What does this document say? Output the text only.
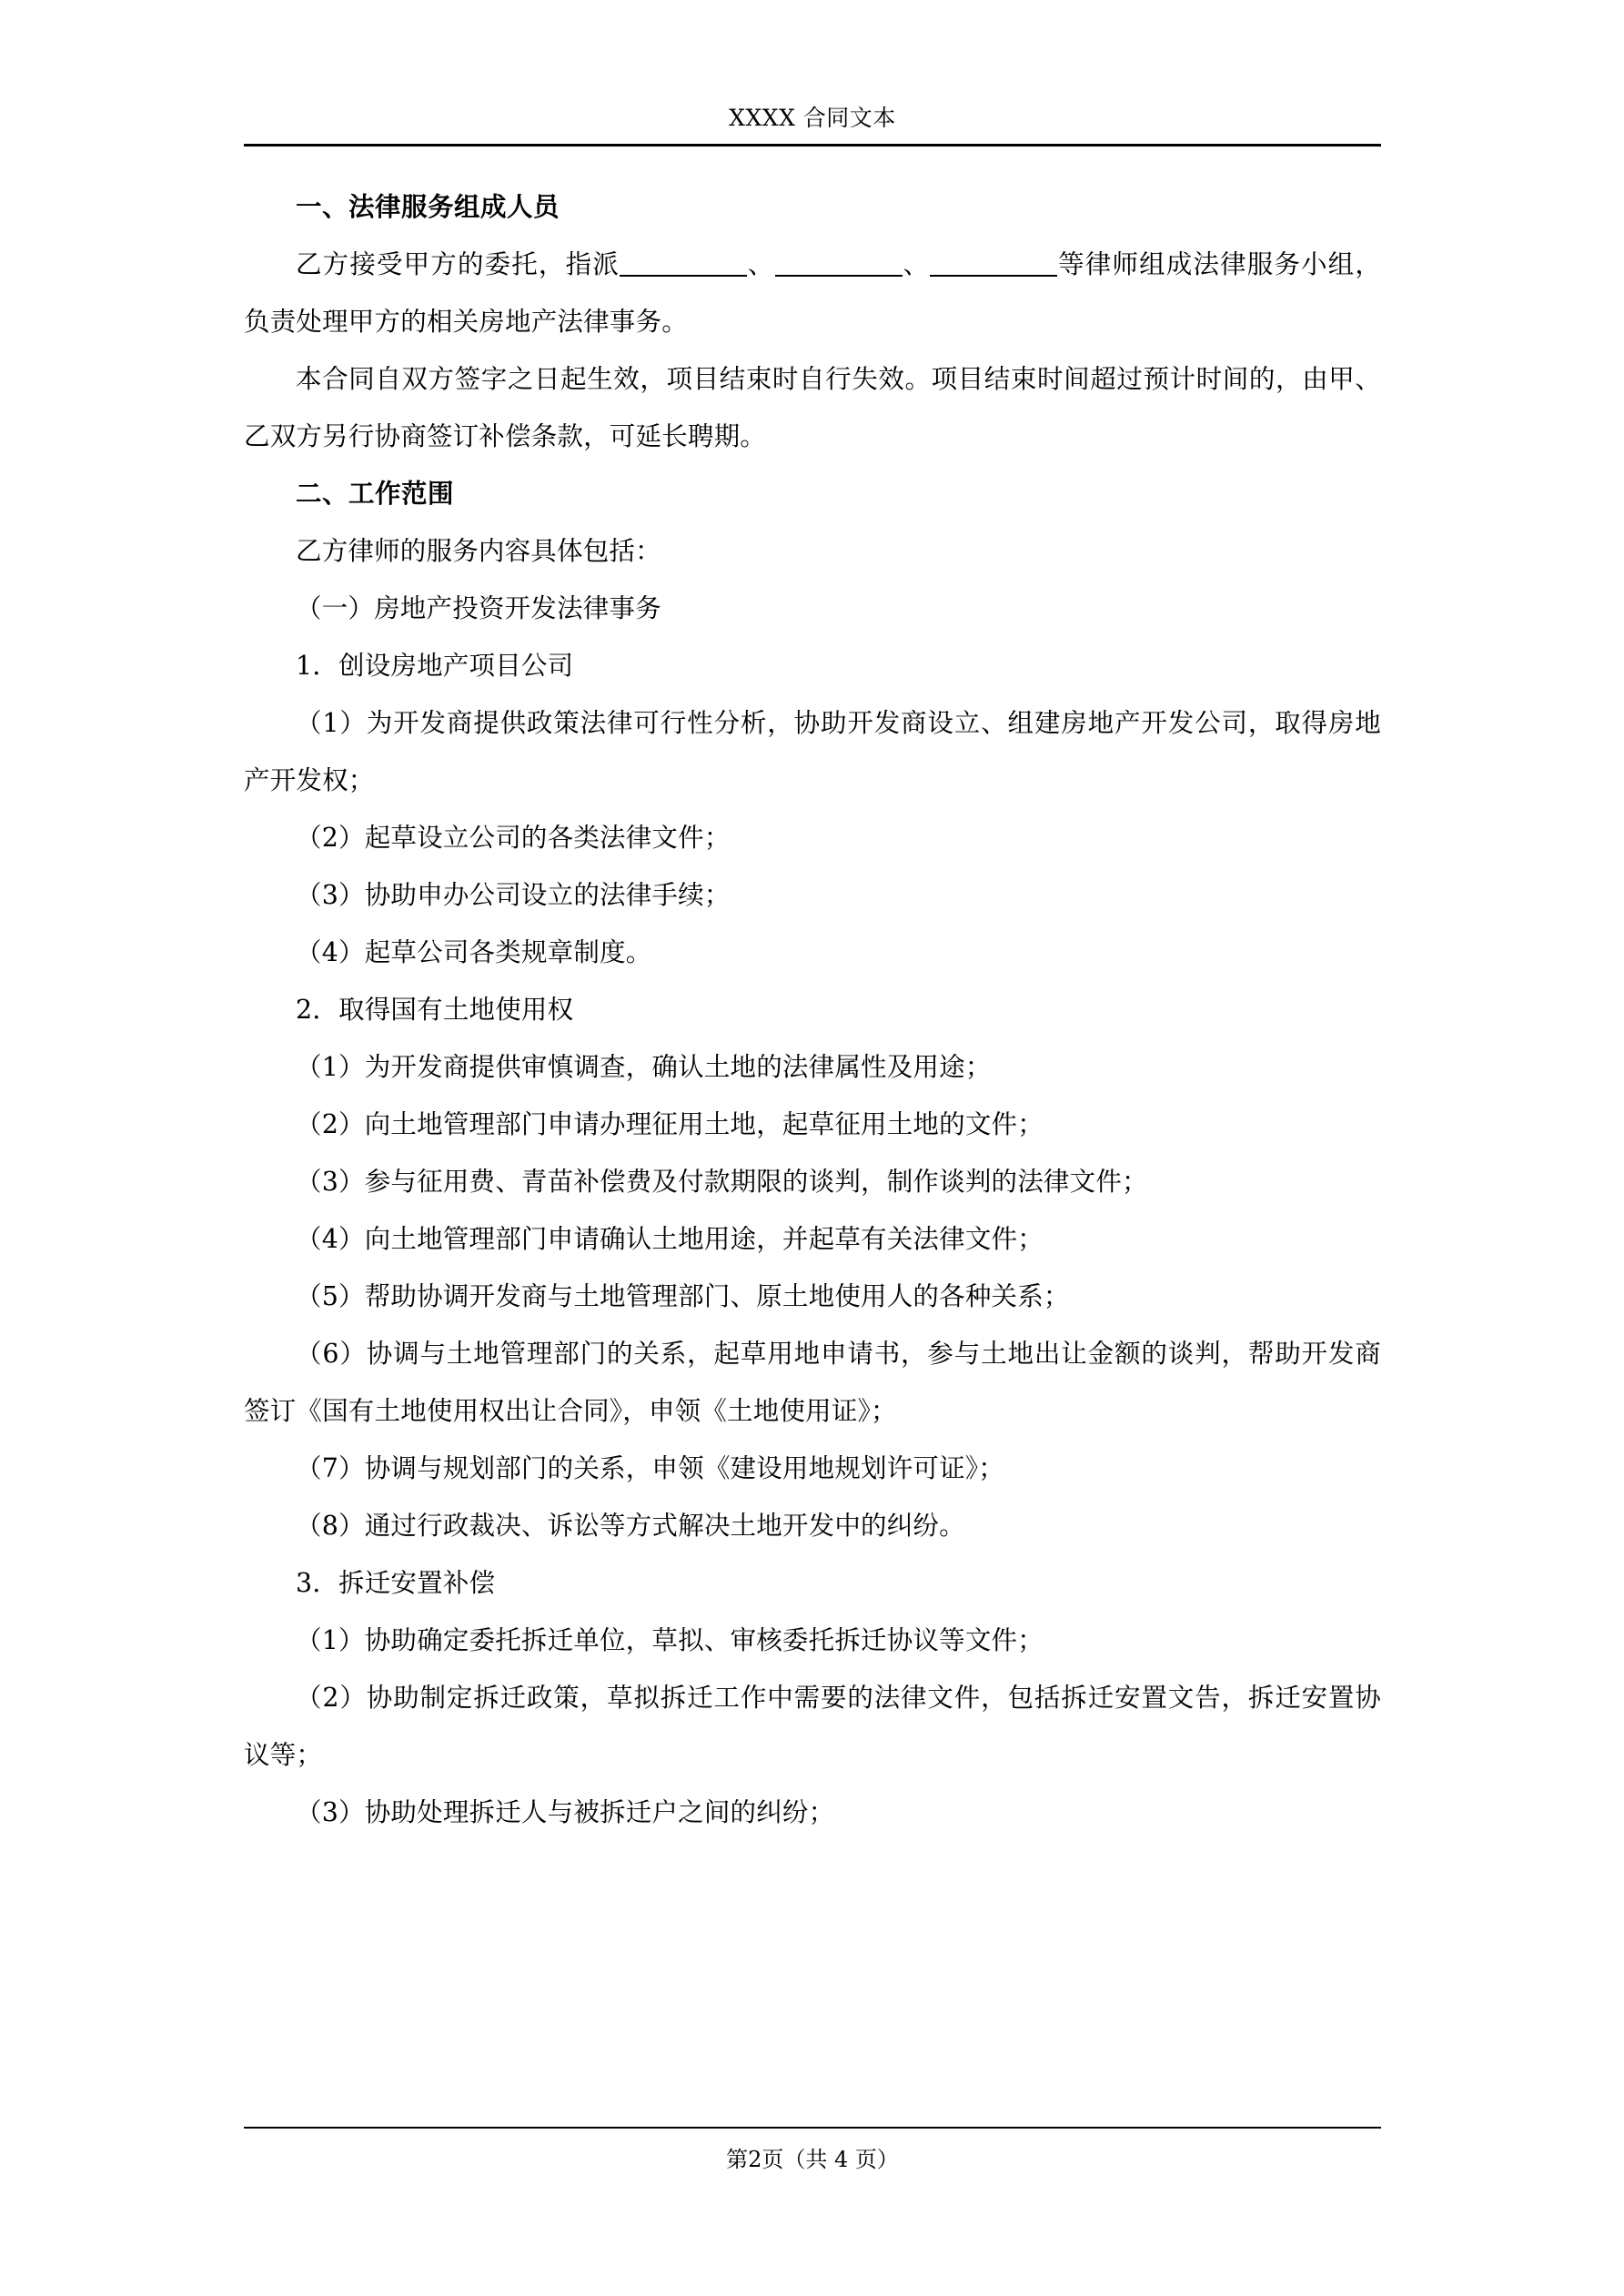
XXXX 合同文本

一、法律服务组成人员

乙方接受甲方的委托，指派	、	、	等律师组成法律服务小组，负责处理甲方的相关房地产法律事务。

本合同自双方签字之日起生效，项目结束时自行失效。项目结束时间超过预计时间的，由甲、乙双方另行协商签订补偿条款，可延长聘期。

二、工作范围

乙方律师的服务内容具体包括：

（一）房地产投资开发法律事务

1．创设房地产项目公司

（1）为开发商提供政策法律可行性分析，协助开发商设立、组建房地产开发公司，取得房地产开发权；

（2）起草设立公司的各类法律文件；

（3）协助申办公司设立的法律手续；

（4）起草公司各类规章制度。

2．取得国有土地使用权

（1）为开发商提供审慎调查，确认土地的法律属性及用途；

（2）向土地管理部门申请办理征用土地，起草征用土地的文件；

（3）参与征用费、青苗补偿费及付款期限的谈判，制作谈判的法律文件；

（4）向土地管理部门申请确认土地用途，并起草有关法律文件；

（5）帮助协调开发商与土地管理部门、原土地使用人的各种关系；

（6）协调与土地管理部门的关系，起草用地申请书，参与土地出让金额的谈判，帮助开发商签订《国有土地使用权出让合同》，申领《土地使用证》；

（7）协调与规划部门的关系，申领《建设用地规划许可证》；

（8）通过行政裁决、诉讼等方式解决土地开发中的纠纷。

3．拆迁安置补偿

（1）协助确定委托拆迁单位，草拟、审核委托拆迁协议等文件；

（2）协助制定拆迁政策，草拟拆迁工作中需要的法律文件，包括拆迁安置文告，拆迁安置协议等；

（3）协助处理拆迁人与被拆迁户之间的纠纷；

第2页（共 4 页）
